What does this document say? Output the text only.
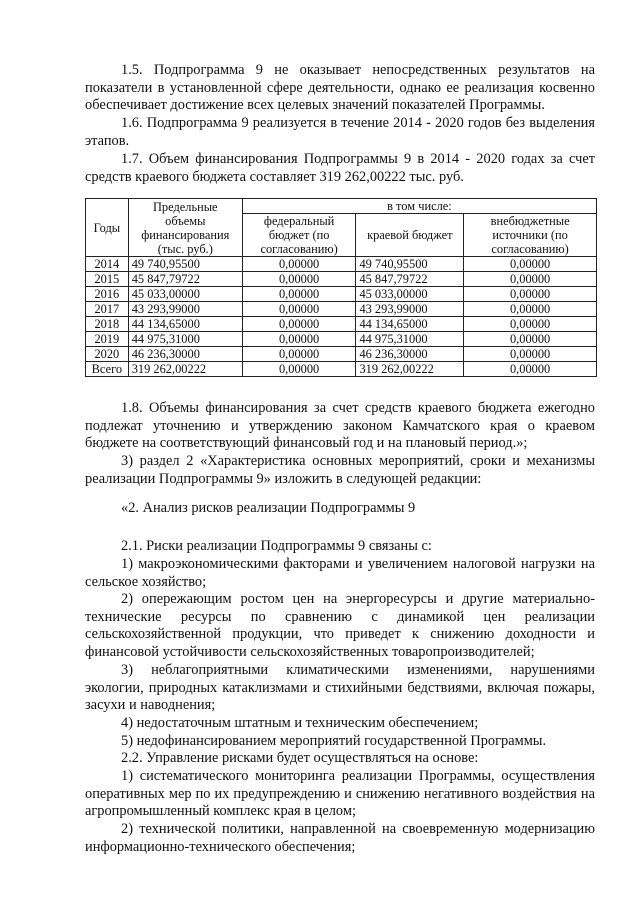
1.5. Подпрограмма 9 не оказывает непосредственных результатов на показатели в установленной сфере деятельности, однако ее реализация косвенно обеспечивает достижение всех целевых значений показателей Программы.

1.6. Подпрограмма 9 реализуется в течение 2014 - 2020 годов без выделения этапов.

1.7. Объем финансирования Подпрограммы 9 в 2014 - 2020 годах за счет средств краевого бюджета составляет 319 262,00222 тыс. руб.

Годы	Предельные объемы финансирования (тыс. руб.)	в том числе:		
		федеральный бюджет (по согласованию)	краевой бюджет	внебюджетные источники (по согласованию)
2014	49 740,95500	0,00000	49 740,95500	0,00000
2015	45 847,79722	0,00000	45 847,79722	0,00000
2016	45 033,00000	0,00000	45 033,00000	0,00000
2017	43 293,99000	0,00000	43 293,99000	0,00000
2018	44 134,65000	0,00000	44 134,65000	0,00000
2019	44 975,31000	0,00000	44 975,31000	0,00000
2020	46 236,30000	0,00000	46 236,30000	0,00000
Всего	319 262,00222	0,00000	319 262,00222	0,00000

1.8. Объемы финансирования за счет средств краевого бюджета ежегодно подлежат уточнению и утверждению законом Камчатского края о краевом бюджете на соответствующий финансовый год и на плановый период.»;

3) раздел 2 «Характеристика основных мероприятий, сроки и механизмы реализации Подпрограммы 9» изложить в следующей редакции:

«2. Анализ рисков реализации Подпрограммы 9

2.1. Риски реализации Подпрограммы 9 связаны с:

1) макроэкономическими факторами и увеличением налоговой нагрузки на сельское хозяйство;

2) опережающим ростом цен на энергоресурсы и другие материально-технические ресурсы по сравнению с динамикой цен реализации сельскохозяйственной продукции, что приведет к снижению доходности и финансовой устойчивости сельскохозяйственных товаропроизводителей;

3) неблагоприятными климатическими изменениями, нарушениями экологии, природных катаклизмами и стихийными бедствиями, включая пожары, засухи и наводнения;

4) недостаточным штатным и техническим обеспечением;

5) недофинансированием мероприятий государственной Программы.

2.2. Управление рисками будет осуществляться на основе:

1) систематического мониторинга реализации Программы, осуществления оперативных мер по их предупреждению и снижению негативного воздействия на агропромышленный комплекс края в целом;

2) технической политики, направленной на своевременную модернизацию информационно-технического обеспечения;
